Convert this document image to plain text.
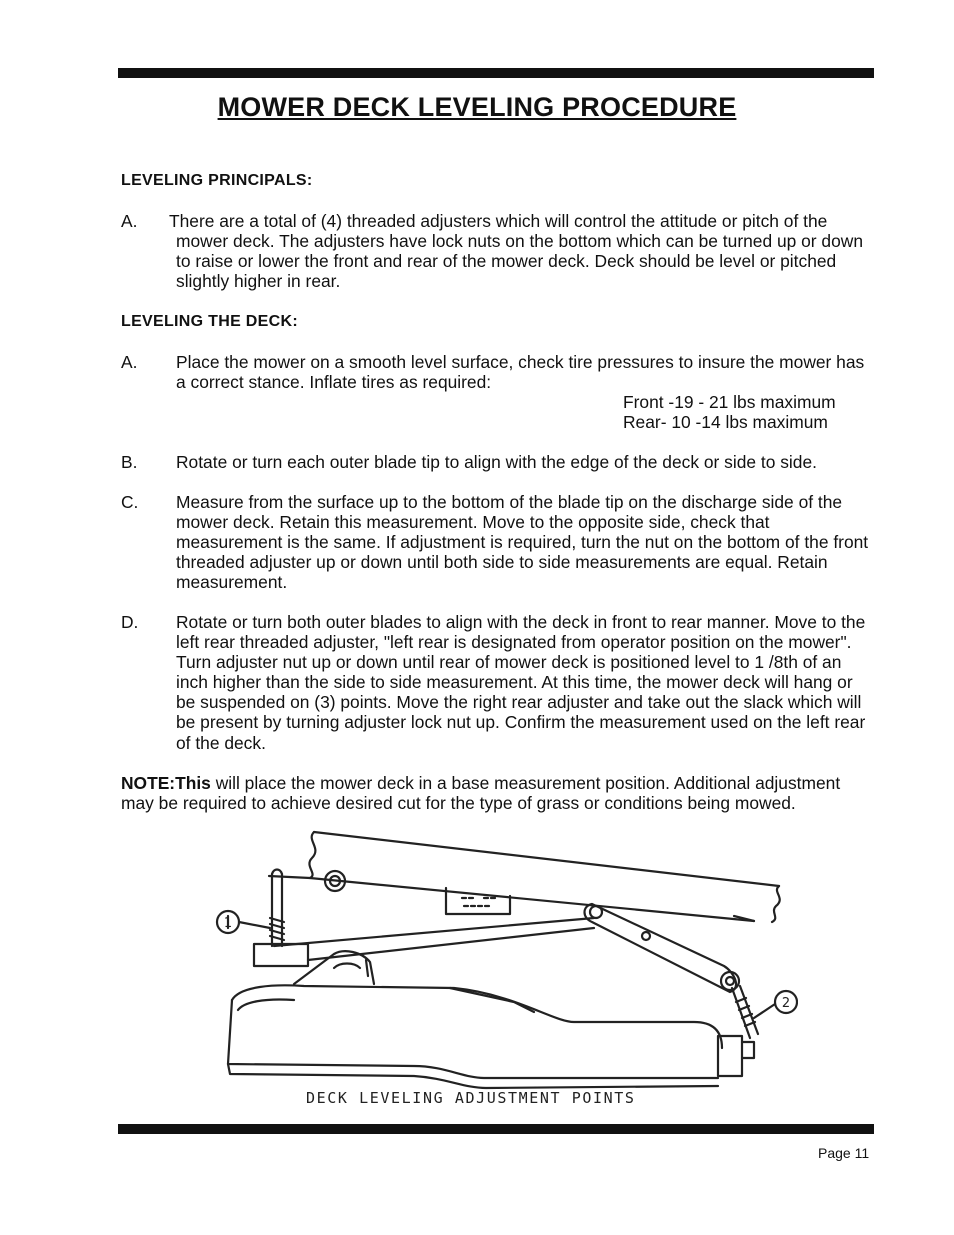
MOWER DECK LEVELING PROCEDURE
LEVELING PRINCIPALS:
A. There are a total of (4) threaded adjusters which will control the attitude or pitch of the mower deck. The adjusters have lock nuts on the bottom which can be turned up or down to raise or lower the front and rear of the mower deck. Deck should be level or pitched slightly higher in rear.
LEVELING THE DECK:
A. Place the mower on a smooth level surface, check tire pressures to insure the mower has a correct stance. Inflate tires as required:
Front -19 - 21 lbs maximum
Rear- 10 -14 lbs maximum
B. Rotate or turn each outer blade tip to align with the edge of the deck or side to side.
C. Measure from the surface up to the bottom of the blade tip on the discharge side of the mower deck. Retain this measurement. Move to the opposite side, check that measurement is the same. If adjustment is required, turn the nut on the bottom of the front threaded adjuster up or down until both side to side measurements are equal. Retain measurement.
D. Rotate or turn both outer blades to align with the deck in front to rear manner. Move to the left rear threaded adjuster, "left rear is designated from operator position on the mower". Turn adjuster nut up or down until rear of mower deck is positioned level to 1 /8th of an inch higher than the side to side measurement. At this time, the mower deck will hang or be suspended on (3) points. Move the right rear adjuster and take out the slack which will be present by turning adjuster lock nut up. Confirm the measurement used on the left rear of the deck.
NOTE:This will place the mower deck in a base measurement position. Additional adjustment may be required to achieve desired cut for the type of grass or conditions being mowed.
1
2
DECK LEVELING ADJUSTMENT POINTS
Page 11
